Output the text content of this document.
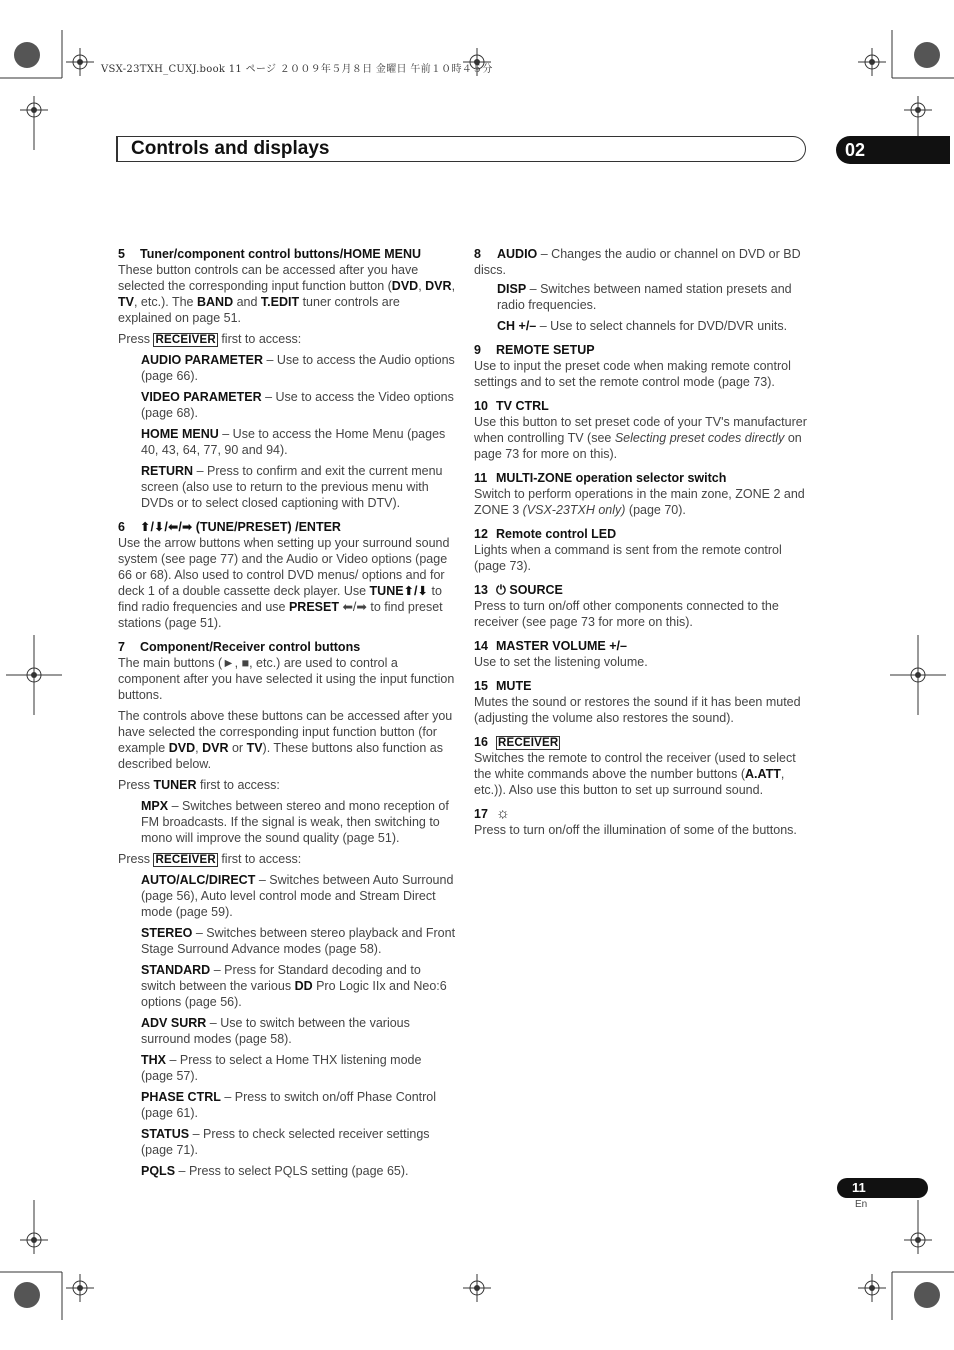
VSX-23TXH_CUXJ.book 11 ページ ２００９年５月８日 金曜日 午前１０時４５分
Controls and displays	02
5 Tuner/component control buttons/HOME MENU

These button controls can be accessed after you have selected the corresponding input function button (DVD, DVR, TV, etc.). The BAND and T.EDIT tuner controls are explained on page 51.

Press RECEIVER first to access:

AUDIO PARAMETER – Use to access the Audio options (page 66).

VIDEO PARAMETER – Use to access the Video options (page 68).

HOME MENU – Use to access the Home Menu (pages 40, 43, 64, 77, 90 and 94).

RETURN – Press to confirm and exit the current menu screen (also use to return to the previous menu with DVDs or to select closed captioning with DTV).

6 ⬆/⬇/⬅/➡ (TUNE/PRESET) /ENTER

Use the arrow buttons when setting up your surround sound system (see page 77) and the Audio or Video options (page 66 or 68). Also used to control DVD menus/ options and for deck 1 of a double cassette deck player. Use TUNE⬆/⬇ to find radio frequencies and use PRESET ⬅/➡ to find preset stations (page 51).

7 Component/Receiver control buttons

The main buttons (►, ■, etc.) are used to control a component after you have selected it using the input function buttons.

The controls above these buttons can be accessed after you have selected the corresponding input function button (for example DVD, DVR or TV). These buttons also function as described below.

Press TUNER first to access:

MPX – Switches between stereo and mono reception of FM broadcasts. If the signal is weak, then switching to mono will improve the sound quality (page 51).

Press RECEIVER first to access:

AUTO/ALC/DIRECT – Switches between Auto Surround (page 56), Auto level control mode and Stream Direct mode (page 59).

STEREO – Switches between stereo playback and Front Stage Surround Advance modes (page 58).

STANDARD – Press for Standard decoding and to switch between the various DD Pro Logic IIx and Neo:6 options (page 56).

ADV SURR – Use to switch between the various surround modes (page 58).

THX – Press to select a Home THX listening mode (page 57).

PHASE CTRL – Press to switch on/off Phase Control (page 61).

STATUS – Press to check selected receiver settings (page 71).

PQLS – Press to select PQLS setting (page 65).

8 AUDIO – Changes the audio or channel on DVD or BD discs.

DISP – Switches between named station presets and radio frequencies.

CH +/– – Use to select channels for DVD/DVR units.

9 REMOTE SETUP

Use to input the preset code when making remote control settings and to set the remote control mode (page 73).

10 TV CTRL

Use this button to set preset code of your TV's manufacturer when controlling TV (see Selecting preset codes directly on page 73 for more on this).

11 MULTI-ZONE operation selector switch

Switch to perform operations in the main zone, ZONE 2 and ZONE 3 (VSX-23TXH only) (page 70).

12 Remote control LED

Lights when a command is sent from the remote control (page 73).

13 ⏻ SOURCE

Press to turn on/off other components connected to the receiver (see page 73 for more on this).

14 MASTER VOLUME +/–

Use to set the listening volume.

15 MUTE

Mutes the sound or restores the sound if it has been muted (adjusting the volume also restores the sound).

16 RECEIVER

Switches the remote to control the receiver (used to select the white commands above the number buttons (A.ATT, etc.)). Also use this button to set up surround sound.

17 ☼

Press to turn on/off the illumination of some of the buttons.

11
En
